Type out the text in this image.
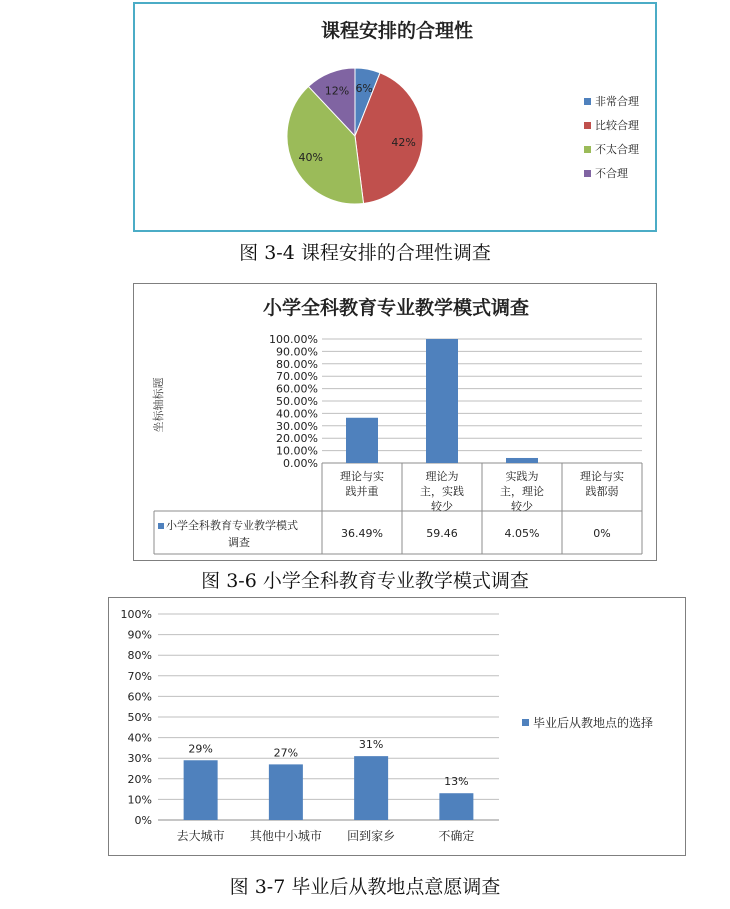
课程安排的合理性
6%
42%
40%
12%
非常合理
比较合理
不太合理
不合理
图 3-4 课程安排的合理性调查
小学全科教育专业教学模式调查
坐标轴标题
0.00%
10.00%
20.00%
30.00%
40.00%
50.00%
60.00%
70.00%
80.00%
90.00%
100.00%
理论与实
践并重
36.49%
理论为
主，实践
较少
59.46
实践为
主，理论
较少
4.05%
理论与实
践都弱
0%
小学全科教育专业教学模式
调查
图 3-6 小学全科教育专业教学模式调查
0%
10%
20%
30%
40%
50%
60%
70%
80%
90%
100%
29%
去大城市
27%
其他中小城市
31%
回到家乡
13%
不确定
毕业后从教地点的选择
图 3-7 毕业后从教地点意愿调查
